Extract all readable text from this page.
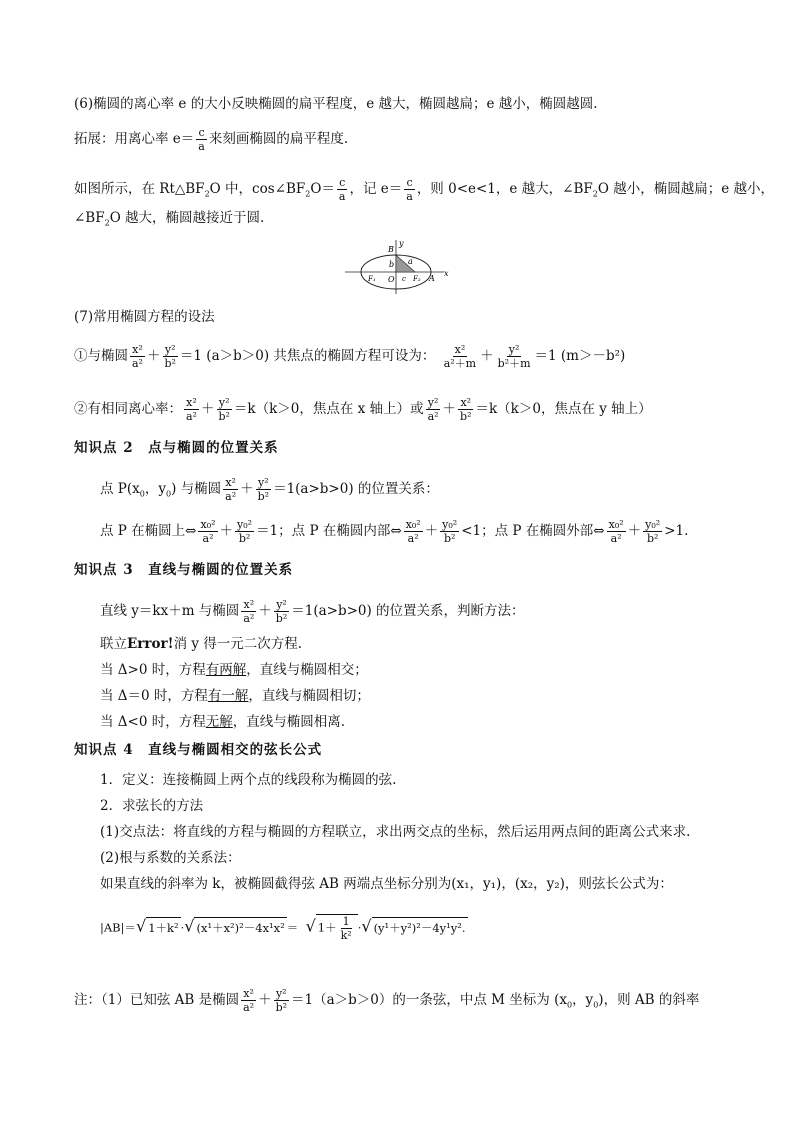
(6)椭圆的离心率 e 的大小反映椭圆的扁平程度，e 越大，椭圆越扁；e 越小，椭圆越圆.
拓展：用离心率 $e= \frac{c}{a}$ 来刻画椭圆的扁平程度.
如图所示，在 $Rt\triangle BF_2O$ 中，$\cos\angle BF_2O= \frac{c}{a}$ ，记 $e= \frac{c}{a}$ ，则 0<e<1，e 越大，$\angle BF_2O$ 越小，椭圆越扁；e 越小，
$\angle BF_2O$ 越大，椭圆越接近于圆.
B
y
b a
F₁ O c F₂ A
x
(7)常用椭圆方程的设法
①与椭圆 $\frac{\text{x²}}{\text{a²}} + \frac{\text{y²}}{\text{b²}} =1$ (a＞b＞0) 共焦点的椭圆方程可设为： $\frac{\text{x²}}{\text{a²＋m}} + \frac{\text{y²}}{\text{b²＋m}} =1$ (m＞－b²)
②有相同离心率： $\frac{\text{x²}}{\text{a²}} + \frac{\text{y²}}{\text{b²}} =k(k>0$，焦点在 x 轴上）或 $\frac{\text{y²}}{\text{a²}} + \frac{\text{x²}}{\text{b²}} =k(k>0$，焦点在 y 轴上）
知识点 2　点与椭圆的位置关系
点 $P(x_0$，$y_0$) 与椭圆 $\frac{\text{x²}}{\text{a²}} + \frac{\text{y²}}{\text{b²}} =1(a>b>0)$ 的位置关系：
点 P 在椭圆上⇔ $\frac{\text{x₀²}}{\text{a²}} + \frac{\text{y₀²}}{\text{b²}} =1$；点 P 在椭圆内部⇔ $\frac{\text{x₀²}}{\text{a²}} + \frac{\text{y₀²}}{\text{b²}} <1$；点 P 在椭圆外部⇔ $\frac{\text{x₀²}}{\text{a²}} + \frac{\text{y₀²}}{\text{b²}} >1$.
知识点 3　直线与椭圆的位置关系
直线 y＝kx＋m 与椭圆 $\frac{\text{x²}}{\text{a²}} + \frac{\text{y²}}{\text{b²}} =1(a>b>0)$ 的位置关系，判断方法：
联立Error!消 y 得一元二次方程.
当 Δ>0 时，方程有两解，直线与椭圆相交；
当 Δ＝0 时，方程有一解，直线与椭圆相切；
当 Δ<0 时，方程无解，直线与椭圆相离.
知识点 4　直线与椭圆相交的弦长公式
1．定义：连接椭圆上两个点的线段称为椭圆的弦.
2．求弦长的方法
(1)交点法：将直线的方程与椭圆的方程联立，求出两交点的坐标，然后运用两点间的距离公式来求.
(2)根与系数的关系法：
如果直线的斜率为 k，被椭圆截得弦 AB 两端点坐标分别为(x₁，y₁)，(x₂，y₂)，则弦长公式为：
|AB|＝√ 1＋k² ·√ (x¹＋x²)²－4x¹x² ＝ √ $1+ \frac{1}{\text{k²}}$ ·√ (y¹＋y²)²－4y¹y².
注：（1）已知弦 AB 是椭圆 $\frac{\text{x²}}{\text{a²}} + \frac{\text{y²}}{\text{b²}} =1(a>b>0)$的一条弦，中点 M 坐标为 ($x_0$，$y_0$)，则 AB 的斜率
